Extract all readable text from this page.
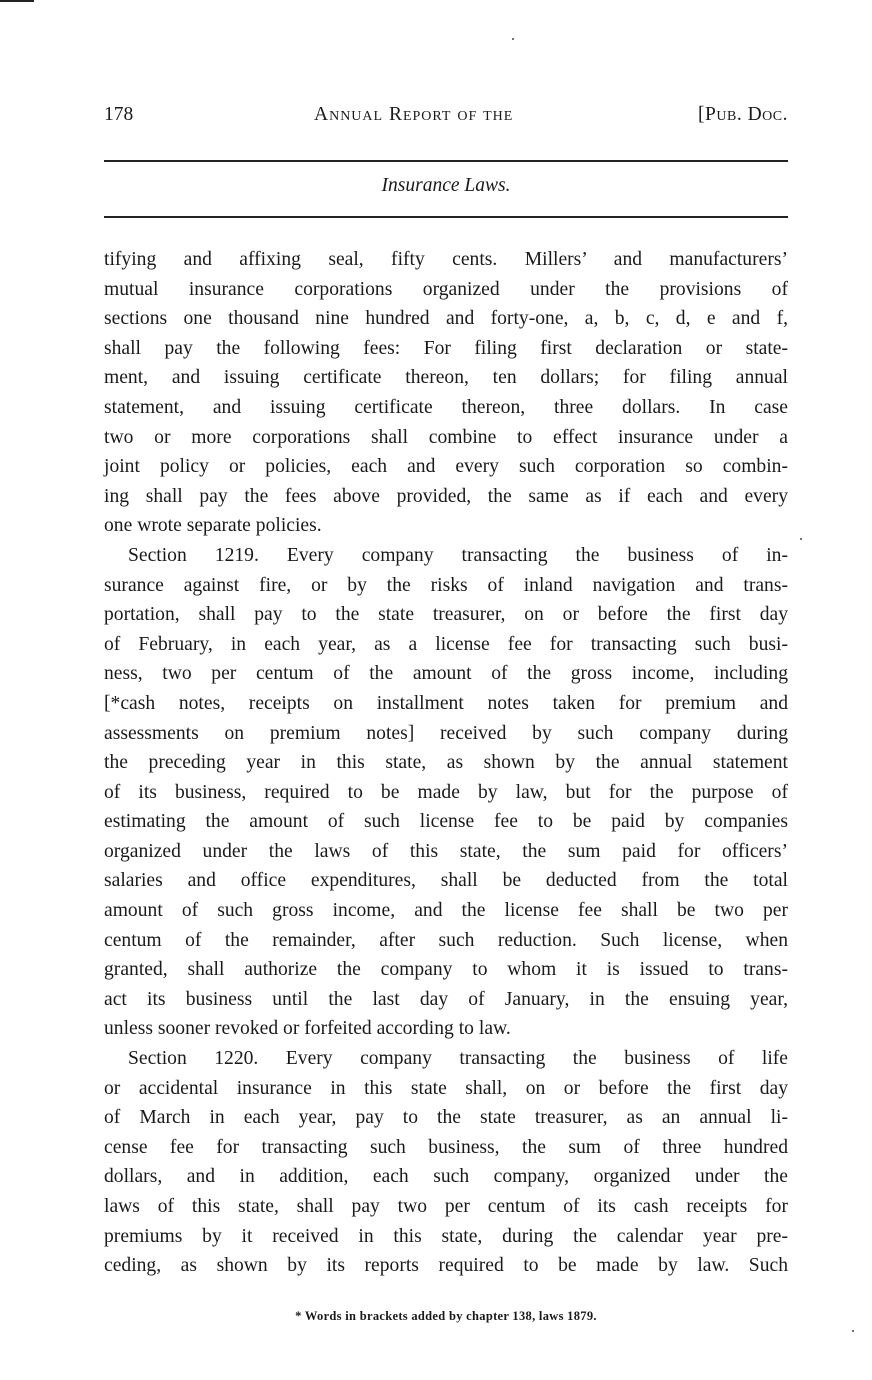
178	Annual Report of the	[Pub. Doc.
Insurance Laws.
tifying and affixing seal, fifty cents. Millers’ and manufacturers’
mutual insurance corporations organized under the provisions of
sections one thousand nine hundred and forty-one, a, b, c, d, e and f,
shall pay the following fees: For filing first declaration or state-
ment, and issuing certificate thereon, ten dollars; for filing annual
statement, and issuing certificate thereon, three dollars. In case
two or more corporations shall combine to effect insurance under a
joint policy or policies, each and every such corporation so combin-
ing shall pay the fees above provided, the same as if each and every
one wrote separate policies.
Section 1219. Every company transacting the business of in-
surance against fire, or by the risks of inland navigation and trans-
portation, shall pay to the state treasurer, on or before the first day
of February, in each year, as a license fee for transacting such busi-
ness, two per centum of the amount of the gross income, including
[*cash notes, receipts on installment notes taken for premium and
assessments on premium notes] received by such company during
the preceding year in this state, as shown by the annual statement
of its business, required to be made by law, but for the purpose of
estimating the amount of such license fee to be paid by companies
organized under the laws of this state, the sum paid for officers’
salaries and office expenditures, shall be deducted from the total
amount of such gross income, and the license fee shall be two per
centum of the remainder, after such reduction. Such license, when
granted, shall authorize the company to whom it is issued to trans-
act its business until the last day of January, in the ensuing year,
unless sooner revoked or forfeited according to law.
Section 1220. Every company transacting the business of life
or accidental insurance in this state shall, on or before the first day
of March in each year, pay to the state treasurer, as an annual li-
cense fee for transacting such business, the sum of three hundred
dollars, and in addition, each such company, organized under the
laws of this state, shall pay two per centum of its cash receipts for
premiums by it received in this state, during the calendar year pre-
ceding, as shown by its reports required to be made by law. Such
* Words in brackets added by chapter 138, laws 1879.
